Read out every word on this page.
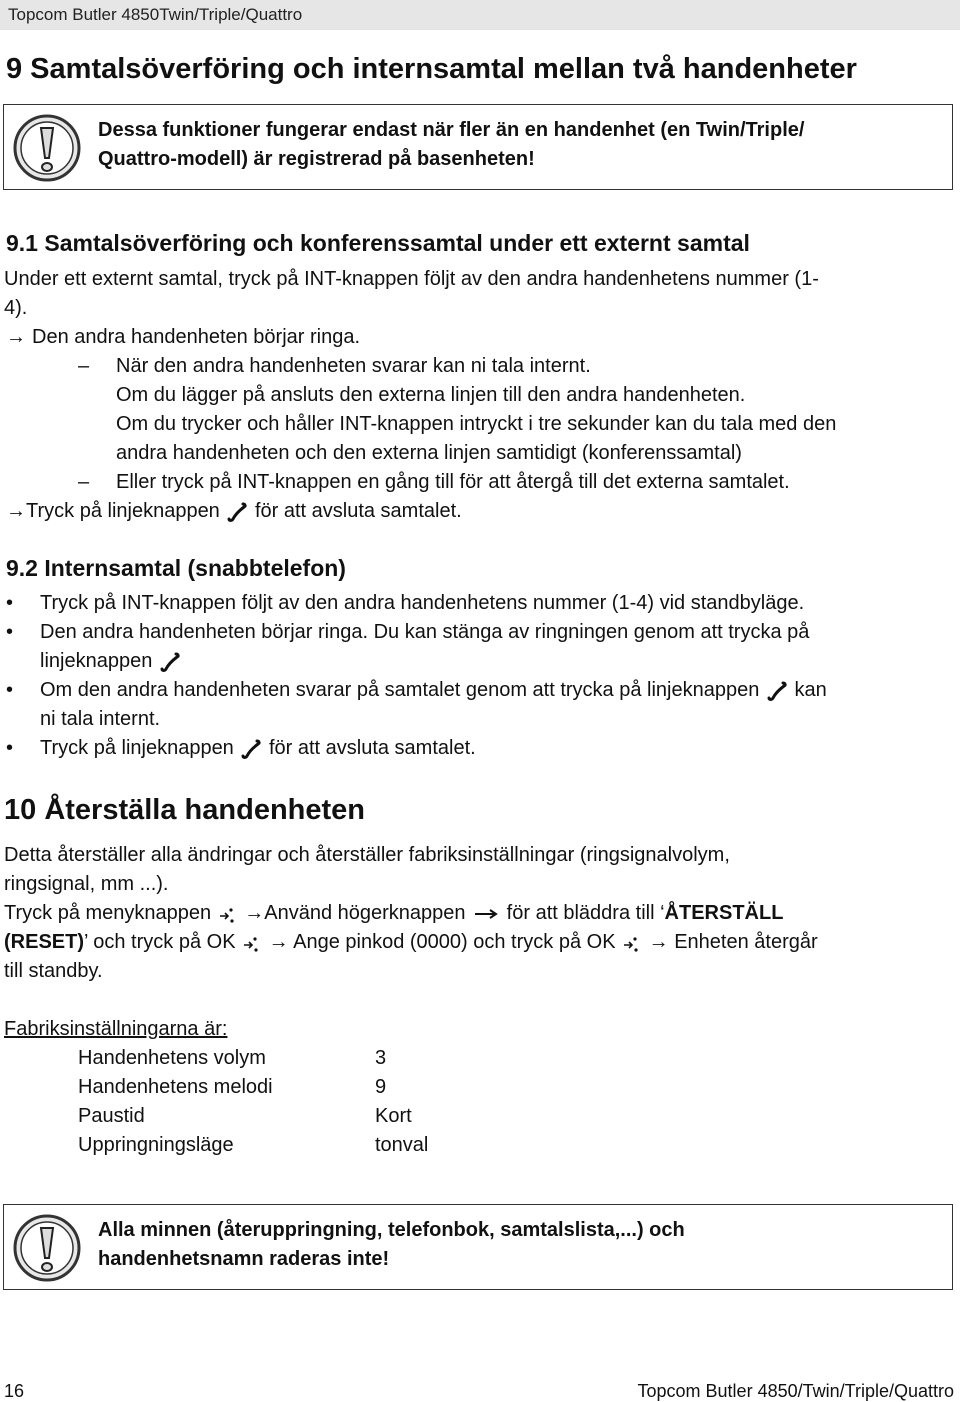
Topcom Butler 4850Twin/Triple/Quattro
9 Samtalsöverföring och internsamtal mellan två handenheter
Dessa funktioner fungerar endast när fler än en handenhet (en Twin/Triple/
Quattro-modell) är registrerad på basenheten!
9.1 Samtalsöverföring och konferenssamtal under ett externt samtal
Under ett externt samtal, tryck på INT-knappen följt av den andra handenhetens nummer (1-
4).
→ Den andra handenheten börjar ringa.
– När den andra handenheten svarar kan ni tala internt.
Om du lägger på ansluts den externa linjen till den andra handenheten.
Om du trycker och håller INT-knappen intryckt i tre sekunder kan du tala med den
andra handenheten och den externa linjen samtidigt (konferenssamtal)
– Eller tryck på INT-knappen en gång till för att återgå till det externa samtalet.
→Tryck på linjeknappen för att avsluta samtalet.
9.2 Internsamtal (snabbtelefon)
• Tryck på INT-knappen följt av den andra handenhetens nummer (1-4) vid standbyläge.
• Den andra handenheten börjar ringa. Du kan stänga av ringningen genom att trycka på
linjeknappen
• Om den andra handenheten svarar på samtalet genom att trycka på linjeknappen kan
ni tala internt.
• Tryck på linjeknappen för att avsluta samtalet.
10 Återställa handenheten
Detta återställer alla ändringar och återställer fabriksinställningar (ringsignalvolym,
ringsignal, mm ...).
Tryck på menyknappen →Använd högerknappen för att bläddra till ‘ÅTERSTÄLL
(RESET)’ och tryck på OK → Ange pinkod (0000) och tryck på OK → Enheten återgår
till standby.
Fabriksinställningarna är:
Handenhetens volym	3
Handenhetens melodi	9
Paustid	Kort
Uppringningsläge	tonval
Alla minnen (återuppringning, telefonbok, samtalslista,...) och
handenhetsnamn raderas inte!
16	Topcom Butler 4850/Twin/Triple/Quattro
